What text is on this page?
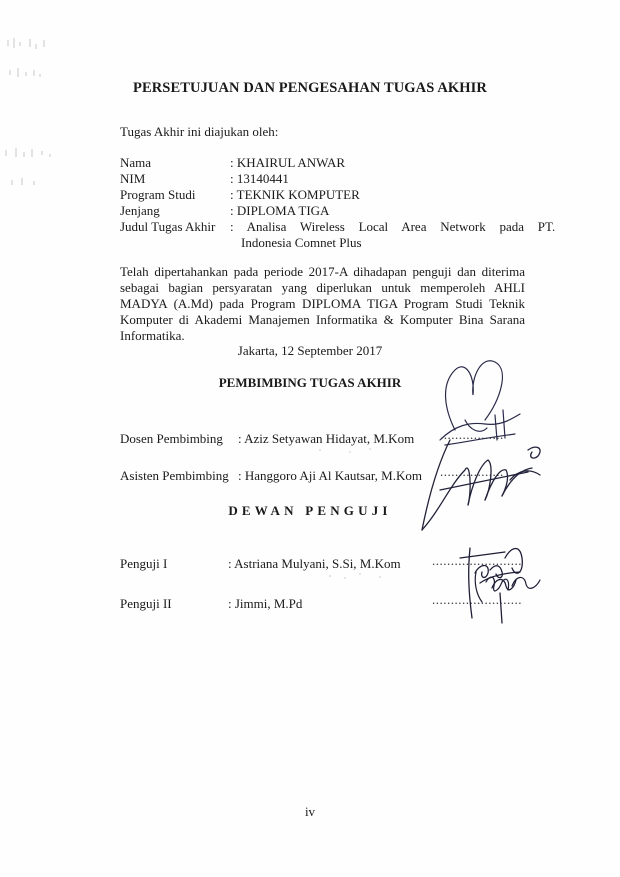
PERSETUJUAN DAN PENGESAHAN TUGAS AKHIR
Tugas Akhir ini diajukan oleh:
Nama	: KHAIRUL ANWAR
NIM	: 13140441
Program Studi	: TEKNIK KOMPUTER
Jenjang	: DIPLOMA TIGA
Judul Tugas Akhir : Analisa Wireless Local Area Network pada PT.
Indonesia Comnet Plus
Telah dipertahankan pada periode 2017-A dihadapan penguji dan diterima sebagai bagian persyaratan yang diperlukan untuk memperoleh AHLI MADYA (A.Md) pada Program DIPLOMA TIGA Program Studi Teknik Komputer di Akademi Manajemen Informatika & Komputer Bina Sarana Informatika.
Jakarta, 12 September 2017
PEMBIMBING TUGAS AKHIR
Dosen Pembimbing : Aziz Setyawan Hidayat, M.Kom .................
Asisten Pembimbing : Hanggoro Aji Al Kautsar, M.Kom .................
DEWAN PENGUJI
Penguji I	: Astriana Mulyani, S.Si, M.Kom ........................
Penguji II	: Jimmi, M.Pd	........................
iv
